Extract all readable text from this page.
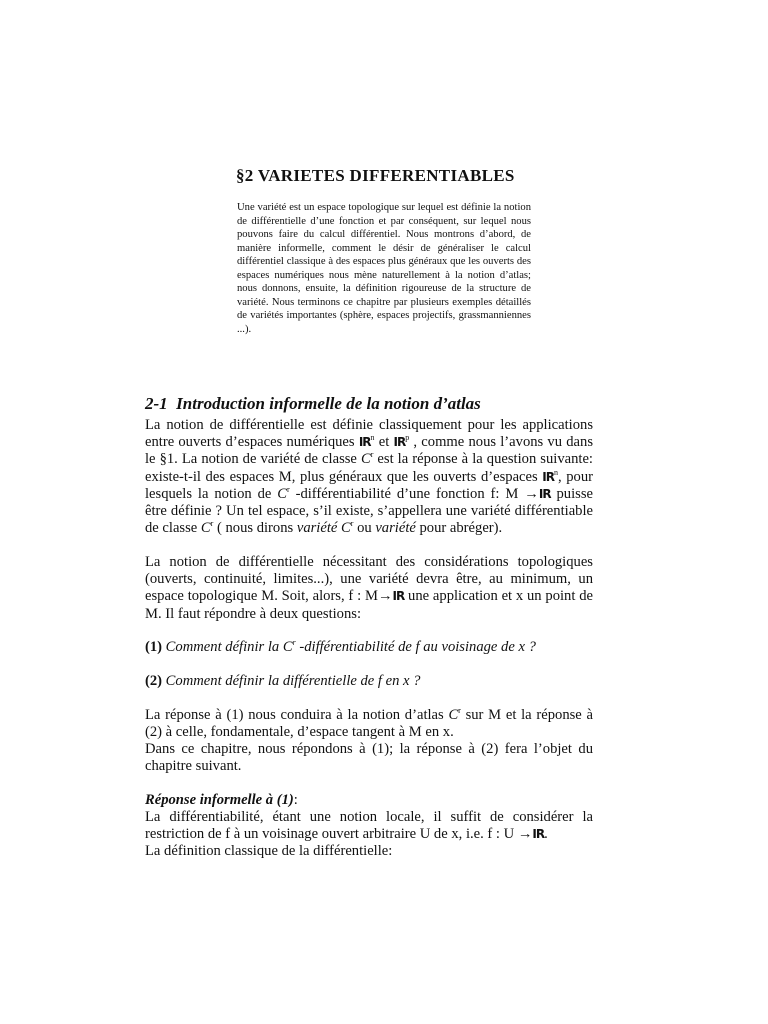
§2 VARIETES DIFFERENTIABLES
Une variété est un espace topologique sur lequel est définie la notion de différentielle d’une fonction et par conséquent, sur lequel nous pouvons faire du calcul différentiel. Nous montrons d’abord, de manière informelle, comment le désir de généraliser le calcul différentiel classique à des espaces plus généraux que les ouverts des espaces numériques nous mène naturellement à la notion d’atlas; nous donnons, ensuite, la définition rigoureuse de la structure de variété. Nous terminons ce chapitre par plusieurs exemples détaillés de variétés importantes (sphère, espaces projectifs, grassmanniennes ...).
2-1 Introduction informelle de la notion d’atlas

La notion de différentielle est définie classiquement pour les applications entre ouverts d’espaces numériques $IR^n$ et $IR^p$ , comme nous l’avons vu dans le §1. La notion de variété de classe $C^r$ est la réponse à la question suivante: existe-t-il des espaces M, plus généraux que les ouverts d’espaces $IR^n$, pour lesquels la notion de $C^r$ -différentiabilité d’une fonction f: M →IR puisse être définie ? Un tel espace, s’il existe, s’appellera une variété différentiable de classe $C^r$ ( nous dirons variété $C^r$ ou variété pour abréger).

La notion de différentielle nécessitant des considérations topologiques (ouverts, continuité, limites...), une variété devra être, au minimum, un espace topologique M. Soit, alors, f : M→IR une application et x un point de M. Il faut répondre à deux questions:

(1) Comment définir la $C^r$ -différentiabilité de f au voisinage de x ?

(2) Comment définir la différentielle de f en x ?

La réponse à (1) nous conduira à la notion d’atlas $C^r$ sur M et la réponse à (2) à celle, fondamentale, d’espace tangent à M en x.

Dans ce chapitre, nous répondons à (1); la réponse à (2) fera l’objet du chapitre suivant.

Réponse informelle à (1):

La différentiabilité, étant une notion locale, il suffit de considérer la restriction de f à un voisinage ouvert arbitraire U de x, i.e. f : U →IR.

La définition classique de la différentielle:
